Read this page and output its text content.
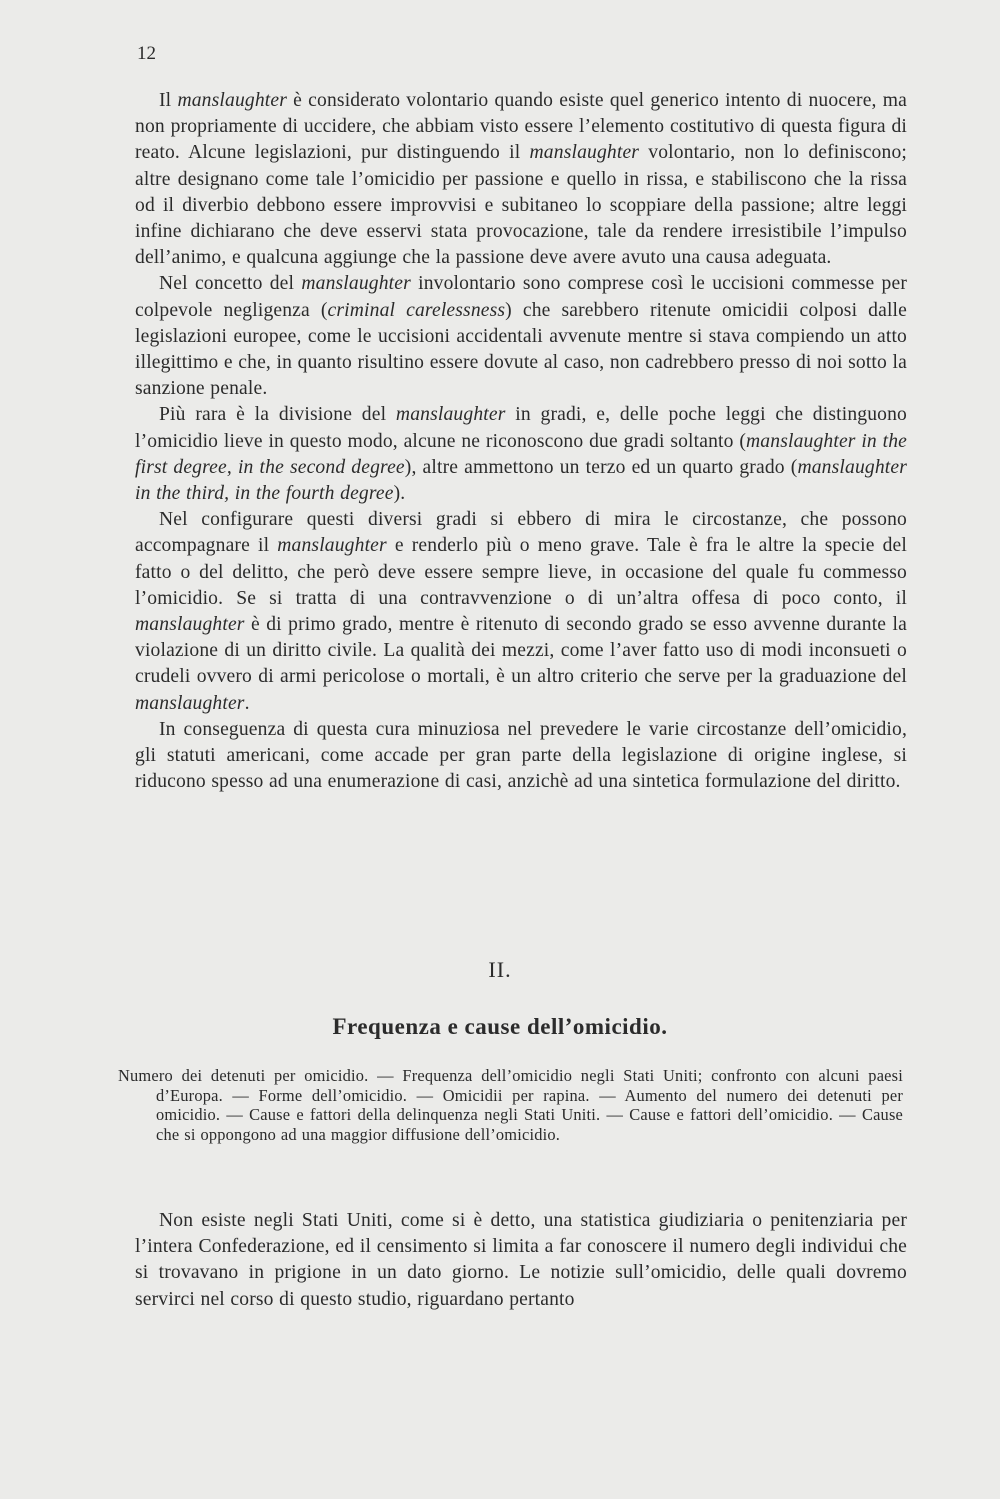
12

Il manslaughter è considerato volontario quando esiste quel generico intento di nuocere, ma non propriamente di uccidere, che abbiam visto essere l’elemento costitutivo di questa figura di reato. Alcune legislazioni, pur distinguendo il manslaughter volontario, non lo definiscono; altre designano come tale l’omicidio per passione e quello in rissa, e stabiliscono che la rissa od il diverbio debbono essere improvvisi e subitaneo lo scoppiare della passione; altre leggi infine dichiarano che deve esservi stata provocazione, tale da rendere irresistibile l’impulso dell’animo, e qualcuna aggiunge che la passione deve avere avuto una causa adeguata.

Nel concetto del manslaughter involontario sono comprese così le uccisioni commesse per colpevole negligenza (criminal carelessness) che sarebbero ritenute omicidii colposi dalle legislazioni europee, come le uccisioni accidentali avvenute mentre si stava compiendo un atto illegittimo e che, in quanto risultino essere dovute al caso, non cadrebbero presso di noi sotto la sanzione penale.

Più rara è la divisione del manslaughter in gradi, e, delle poche leggi che distinguono l’omicidio lieve in questo modo, alcune ne riconoscono due gradi soltanto (manslaughter in the first degree, in the second degree), altre ammettono un terzo ed un quarto grado (manslaughter in the third, in the fourth degree).

Nel configurare questi diversi gradi si ebbero di mira le circostanze, che possono accompagnare il manslaughter e renderlo più o meno grave. Tale è fra le altre la specie del fatto o del delitto, che però deve essere sempre lieve, in occasione del quale fu commesso l’omicidio. Se si tratta di una contravvenzione o di un’altra offesa di poco conto, il manslaughter è di primo grado, mentre è ritenuto di secondo grado se esso avvenne durante la violazione di un diritto civile. La qualità dei mezzi, come l’aver fatto uso di modi inconsueti o crudeli ovvero di armi pericolose o mortali, è un altro criterio che serve per la graduazione del manslaughter.

In conseguenza di questa cura minuziosa nel prevedere le varie circostanze dell’omicidio, gli statuti americani, come accade per gran parte della legislazione di origine inglese, si riducono spesso ad una enumerazione di casi, anzichè ad una sintetica formulazione del diritto.

II.
Frequenza e cause dell’omicidio.
Numero dei detenuti per omicidio. — Frequenza dell’omicidio negli Stati Uniti; confronto con alcuni paesi d’Europa. — Forme dell’omicidio. — Omicidii per rapina. — Aumento del numero dei detenuti per omicidio. — Cause e fattori della delinquenza negli Stati Uniti. — Cause e fattori dell’omicidio. — Cause che si oppongono ad una maggior diffusione dell’omicidio.

Non esiste negli Stati Uniti, come si è detto, una statistica giudiziaria o penitenziaria per l’intera Confederazione, ed il censimento si limita a far conoscere il numero degli individui che si trovavano in prigione in un dato giorno. Le notizie sull’omicidio, delle quali dovremo servirci nel corso di questo studio, riguardano pertanto
